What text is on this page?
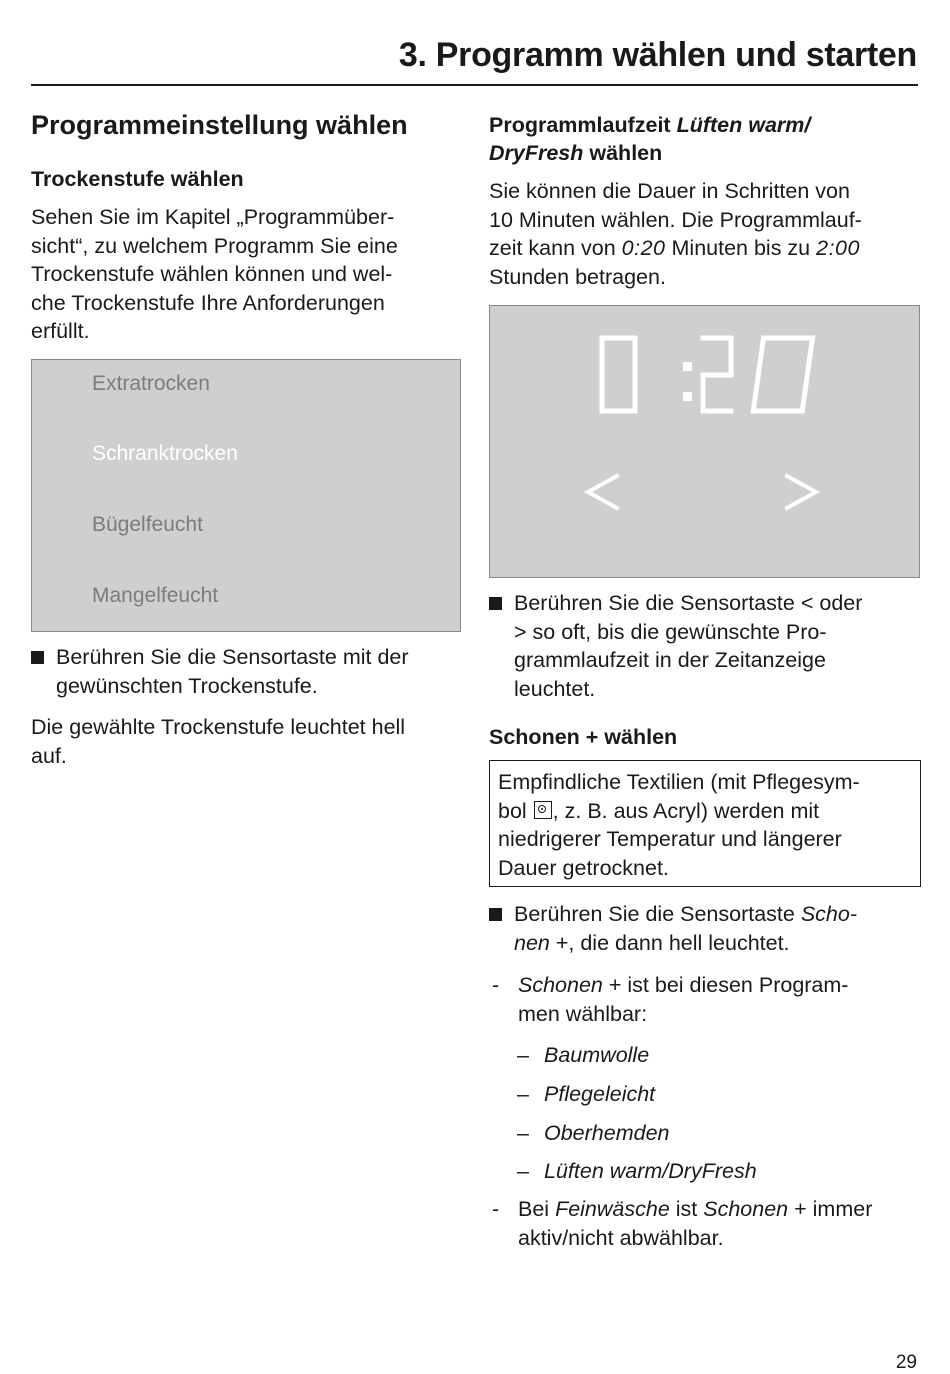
3. Programm wählen und starten
Programmeinstellung wählen
Trockenstufe wählen

Sehen Sie im Kapitel „Programmüber-

sicht“, zu welchem Programm Sie eine

Trockenstufe wählen können und wel-

che Trockenstufe Ihre Anforderungen

erfüllt.

Extratrocken
Schranktrocken
Bügelfeucht
Mangelfeucht
Berühren Sie die Sensortaste mit der
gewünschten Trockenstufe.

Die gewählte Trockenstufe leuchtet hell

auf.

Programmlaufzeit Lüften warm/
DryFresh wählen

Sie können die Dauer in Schritten von

10 Minuten wählen. Die Programmlauf-

zeit kann von 0:20 Minuten bis zu 2:00

Stunden betragen.

Berühren Sie die Sensortaste < oder
> so oft, bis die gewünschte Pro-
grammlaufzeit in der Zeitanzeige
leuchtet.
Schonen + wählen

Empfindliche Textilien (mit Pflegesym-

bol , z. B. aus Acryl) werden mit

niedrigerer Temperatur und längerer

Dauer getrocknet.

Berühren Sie die Sensortaste Scho-
nen +, die dann hell leuchtet.
- Schonen + ist bei diesen Program-
men wählbar:
– Baumwolle
– Pflegeleicht
– Oberhemden
– Lüften warm/DryFresh
- Bei Feinwäsche ist Schonen + immer
aktiv/nicht abwählbar.
29
